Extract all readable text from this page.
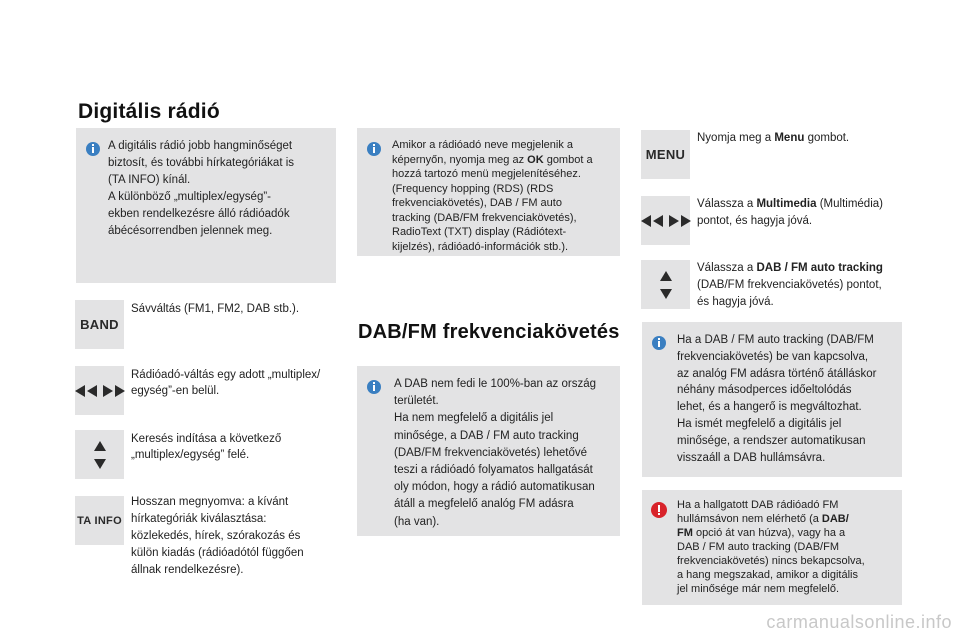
Digitális rádió
DAB/FM frekvenciakövetés
A digitális rádió jobb hangminőséget
biztosít, és további hírkategóriákat is
(TA INFO) kínál.
A különböző „multiplex/egység”-
ekben rendelkezésre álló rádióadók
ábécésorrendben jelennek meg.
BAND
Sávváltás (FM1, FM2, DAB stb.).
Rádióadó-váltás egy adott „multiplex/
egység”-en belül.
Keresés indítása a következő
„multiplex/egység” felé.
TA INFO
Hosszan megnyomva: a kívánt
hírkategóriák kiválasztása:
közlekedés, hírek, szórakozás és
külön kiadás (rádióadótól függően
állnak rendelkezésre).
Amikor a rádióadó neve megjelenik a
képernyőn, nyomja meg az OK gombot a
hozzá tartozó menü megjelenítéséhez.
(Frequency hopping (RDS) (RDS
frekvenciakövetés), DAB / FM auto
tracking (DAB/FM frekvenciakövetés),
RadioText (TXT) display (Rádiótext-
kijelzés), rádióadó-információk stb.).
A DAB nem fedi le 100%-ban az ország
területét.
Ha nem megfelelő a digitális jel
minősége, a DAB / FM auto tracking
(DAB/FM frekvenciakövetés) lehetővé
teszi a rádióadó folyamatos hallgatását
oly módon, hogy a rádió automatikusan
átáll a megfelelő analóg FM adásra
(ha van).
MENU
Nyomja meg a Menu gombot.
Válassza a Multimedia (Multimédia)
pontot, és hagyja jóvá.
Válassza a DAB / FM auto tracking
(DAB/FM frekvenciakövetés) pontot,
és hagyja jóvá.
Ha a DAB / FM auto tracking (DAB/FM
frekvenciakövetés) be van kapcsolva,
az analóg FM adásra történő átálláskor
néhány másodperces időeltolódás
lehet, és a hangerő is megváltozhat.
Ha ismét megfelelő a digitális jel
minősége, a rendszer automatikusan
visszaáll a DAB hullámsávra.
Ha a hallgatott DAB rádióadó FM
hullámsávon nem elérhető (a DAB/
FM opció át van húzva), vagy ha a
DAB / FM auto tracking (DAB/FM
frekvenciakövetés) nincs bekapcsolva,
a hang megszakad, amikor a digitális
jel minősége már nem megfelelő.
carmanualsonline.info
